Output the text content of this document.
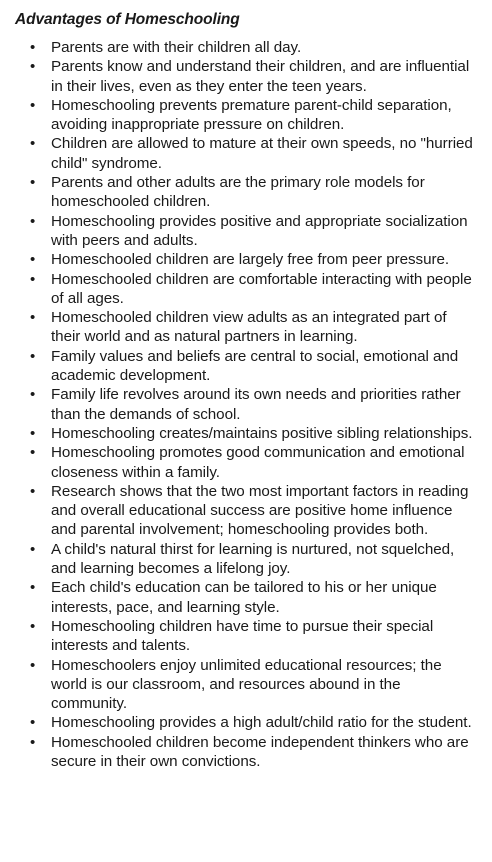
Advantages of Homeschooling
• Parents are with their children all day.
• Parents know and understand their children, and are influential in their lives, even as they enter the teen years.
• Homeschooling prevents premature parent-child separation, avoiding inappropriate pressure on children.
• Children are allowed to mature at their own speeds, no "hurried child" syndrome.
• Parents and other adults are the primary role models for homeschooled children.
• Homeschooling provides positive and appropriate socialization with peers and adults.
• Homeschooled children are largely free from peer pressure.
• Homeschooled children are comfortable interacting with people of all ages.
• Homeschooled children view adults as an integrated part of their world and as natural partners in learning.
• Family values and beliefs are central to social, emotional and academic development.
• Family life revolves around its own needs and priorities rather than the demands of school.
• Homeschooling creates/maintains positive sibling relationships.
• Homeschooling promotes good communication and emotional closeness within a family.
• Research shows that the two most important factors in reading and overall educational success are positive home influence and parental involvement; homeschooling provides both.
• A child's natural thirst for learning is nurtured, not squelched, and learning becomes a lifelong joy.
• Each child's education can be tailored to his or her unique interests, pace, and learning style.
• Homeschooling children have time to pursue their special interests and talents.
• Homeschoolers enjoy unlimited educational resources; the world is our classroom, and resources abound in the community.
• Homeschooling provides a high adult/child ratio for the student.
• Homeschooled children become independent thinkers who are secure in their own convictions.
